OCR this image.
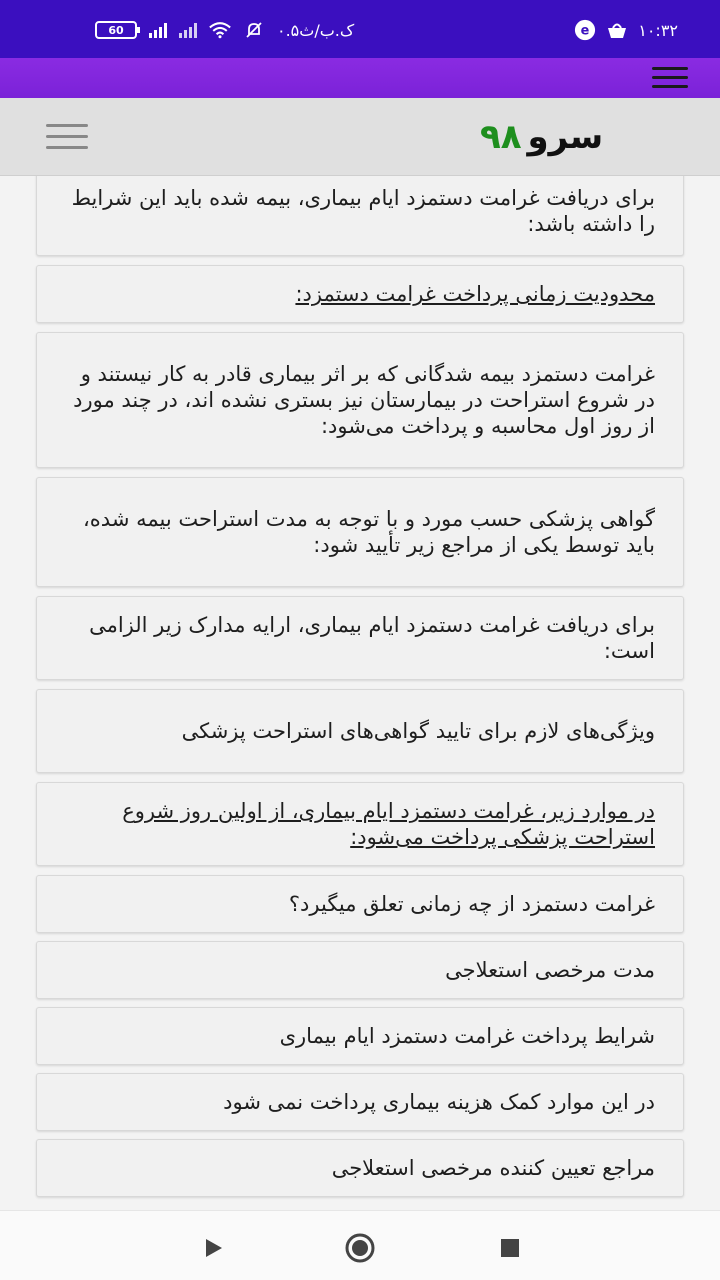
60	۰.۵ک.ب/ث	e	۱۰:۳۲
سرو
۹۸
برای دریافت غرامت دستمزد ایام بیماری، بیمه شده باید این شرایط را داشته باشد:
محدودیت زمانی پرداخت غرامت دستمزد:
غرامت دستمزد بیمه شدگانی که بر اثر بیماری قادر به کار نیستند و در شروع استراحت در بیمارستان نیز بستری نشده اند، در چند مورد از روز اول محاسبه و پرداخت می‌شود:
گواهی پزشکی حسب مورد و با توجه به مدت استراحت بیمه شده، باید توسط یکی از مراجع زیر تأیید شود:
برای دریافت غرامت دستمزد ایام بیماری، ارایه مدارک زیر الزامی است:
ویژگی‌های لازم برای تایید گواهی‌های استراحت پزشکی
در موارد زیر، غرامت دستمزد ایام بیماری، از اولین روز شروع استراحت پزشکی پرداخت می‌شود:
غرامت دستمزد از چه زمانی تعلق میگیرد؟
مدت مرخصی استعلاجی
شرایط پرداخت غرامت دستمزد ایام بیماری
در این موارد کمک هزینه بیماری پرداخت نمی شود
مراجع تعیین کننده مرخصی استعلاجی
